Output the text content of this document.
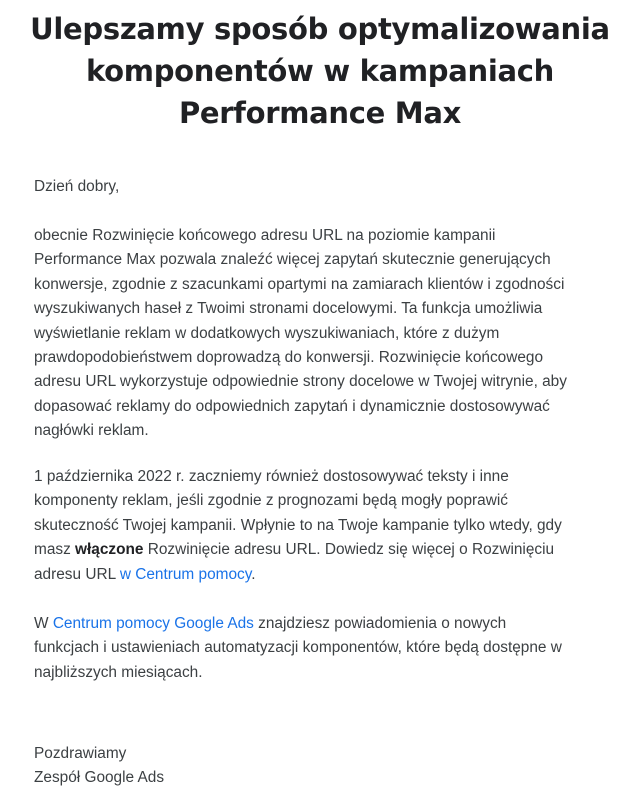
Ulepszamy sposób optymalizowania
komponentów w kampaniach
Performance Max

Dzień dobry,

obecnie Rozwinięcie końcowego adresu URL na poziomie kampanii
Performance Max pozwala znaleźć więcej zapytań skutecznie generujących
konwersje, zgodnie z szacunkami opartymi na zamiarach klientów i zgodności
wyszukiwanych haseł z Twoimi stronami docelowymi. Ta funkcja umożliwia
wyświetlanie reklam w dodatkowych wyszukiwaniach, które z dużym
prawdopodobieństwem doprowadzą do konwersji. Rozwinięcie końcowego
adresu URL wykorzystuje odpowiednie strony docelowe w Twojej witrynie, aby
dopasować reklamy do odpowiednich zapytań i dynamicznie dostosowywać
nagłówki reklam.

1 października 2022 r. zaczniemy również dostosowywać teksty i inne
komponenty reklam, jeśli zgodnie z prognozami będą mogły poprawić
skuteczność Twojej kampanii. Wpłynie to na Twoje kampanie tylko wtedy, gdy
masz włączone Rozwinięcie adresu URL. Dowiedz się więcej o Rozwinięciu
adresu URL w Centrum pomocy.

W Centrum pomocy Google Ads znajdziesz powiadomienia o nowych
funkcjach i ustawieniach automatyzacji komponentów, które będą dostępne w
najbliższych miesiącach.

Pozdrawiamy
Zespół Google Ads
